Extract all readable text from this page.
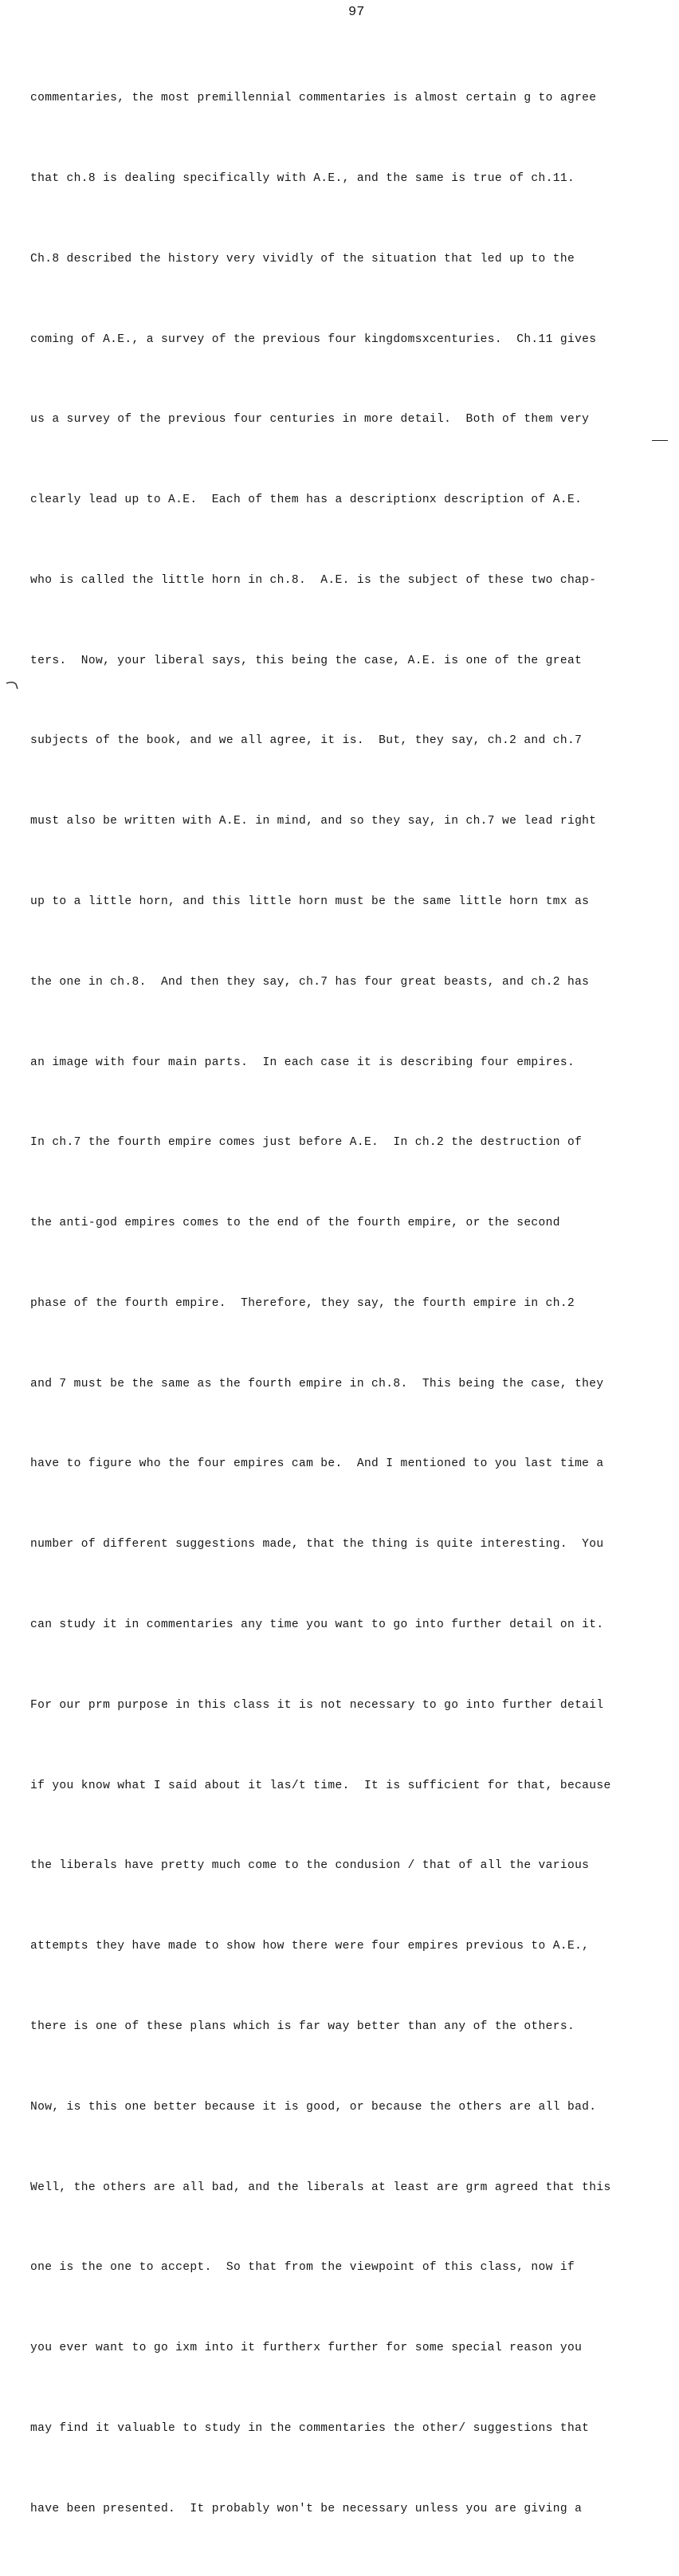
97

commentaries, the most premillennial commentaries is almost certain g to agree

that ch.8 is dealing specifically with A.E., and the same is true of ch.11.

Ch.8 described the history very vividly of the situation that led up to the

coming of A.E., a survey of the previous four kingdomsxcenturies.  Ch.11 gives

us a survey of the previous four centuries in more detail.  Both of them very

clearly lead up to A.E.  Each of them has a descriptionx description of A.E.

who is called the little horn in ch.8.  A.E. is the subject of these two chap-

ters.  Now, your liberal says, this being the case, A.E. is one of the great

subjects of the book, and we all agree, it is.  But, they say, ch.2 and ch.7

must also be written with A.E. in mind, and so they say, in ch.7 we lead right

up to a little horn, and this little horn must be the same little horn tmx as

the one in ch.8.  And then they say, ch.7 has four great beasts, and ch.2 has

an image with four main parts.  In each case it is describing four empires.

In ch.7 the fourth empire comes just before A.E.  In ch.2 the destruction of

the anti-god empires comes to the end of the fourth empire, or the second

phase of the fourth empire.  Therefore, they say, the fourth empire in ch.2

and 7 must be the same as the fourth empire in ch.8.  This being the case, they

have to figure who the four empires cam be.  And I mentioned to you last time a

number of different suggestions made, that the thing is quite interesting.  You

can study it in commentaries any time you want to go into further detail on it.

For our prm purpose in this class it is not necessary to go into further detail

if you know what I said about it las/t time.  It is sufficient for that, because

the liberals have pretty much come to the condusion / that of all the various

attempts they have made to show how there were four empires previous to A.E.,

there is one of these plans which is far way better than any of the others.

Now, is this one better because it is good, or because the others are all bad.

Well, the others are all bad, and the liberals at least are grm agreed that this

one is the one to accept.  So that from the viewpoint of this class, now if

you ever want to go ixm into it furtherx further for some special reason you

may find it valuable to study in the commentaries the other/ suggestions that

have been presented.  It probably won't be necessary unless you are giving a
